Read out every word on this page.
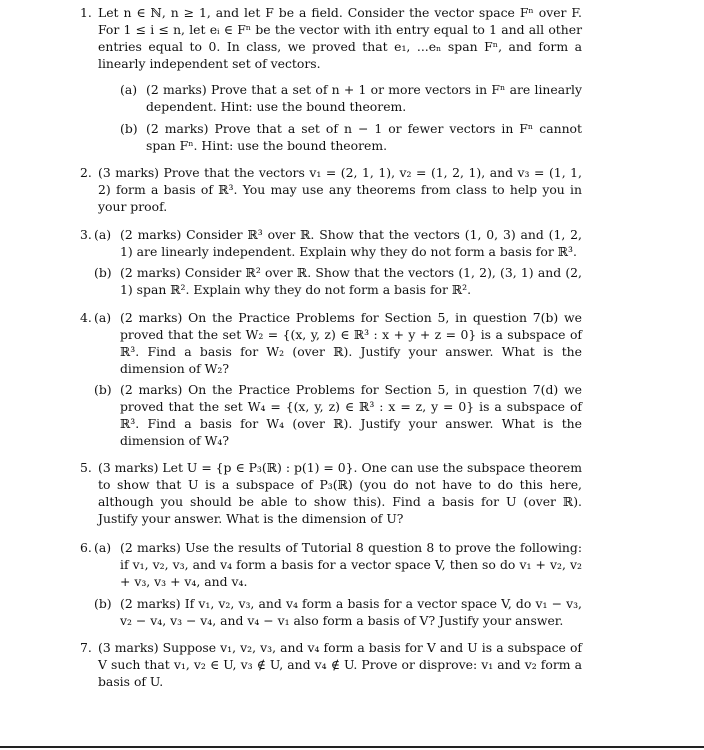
1. Let n ∈ ℕ, n ≥ 1, and let F be a field. Consider the vector space Fⁿ over F. For 1 ≤ i ≤ n, let eᵢ ∈ Fⁿ be the vector with ith entry equal to 1 and all other entries equal to 0. In class, we proved that e₁, ...eₙ span Fⁿ, and form a linearly independent set of vectors.

(a) (2 marks) Prove that a set of n + 1 or more vectors in Fⁿ are linearly dependent. Hint: use the bound theorem.

(b) (2 marks) Prove that a set of n − 1 or fewer vectors in Fⁿ cannot span Fⁿ. Hint: use the bound theorem.

2. (3 marks) Prove that the vectors v₁ = (2, 1, 1), v₂ = (1, 2, 1), and v₃ = (1, 1, 2) form a basis of ℝ³. You may use any theorems from class to help you in your proof.

3. (a) (2 marks) Consider ℝ³ over ℝ. Show that the vectors (1, 0, 3) and (1, 2, 1) are linearly independent. Explain why they do not form a basis for ℝ³.

(b) (2 marks) Consider ℝ² over ℝ. Show that the vectors (1, 2), (3, 1) and (2, 1) span ℝ². Explain why they do not form a basis for ℝ².

4. (a) (2 marks) On the Practice Problems for Section 5, in question 7(b) we proved that the set W₂ = {(x, y, z) ∈ ℝ³ : x + y + z = 0} is a subspace of ℝ³. Find a basis for W₂ (over ℝ). Justify your answer. What is the dimension of W₂?

(b) (2 marks) On the Practice Problems for Section 5, in question 7(d) we proved that the set W₄ = {(x, y, z) ∈ ℝ³ : x = z, y = 0} is a subspace of ℝ³. Find a basis for W₄ (over ℝ). Justify your answer. What is the dimension of W₄?

5. (3 marks) Let U = {p ∈ P₃(ℝ) : p(1) = 0}. One can use the subspace theorem to show that U is a subspace of P₃(ℝ) (you do not have to do this here, although you should be able to show this). Find a basis for U (over ℝ). Justify your answer. What is the dimension of U?

6. (a) (2 marks) Use the results of Tutorial 8 question 8 to prove the following: if v₁, v₂, v₃, and v₄ form a basis for a vector space V, then so do v₁ + v₂, v₂ + v₃, v₃ + v₄, and v₄.

(b) (2 marks) If v₁, v₂, v₃, and v₄ form a basis for a vector space V, do v₁ − v₃, v₂ − v₄, v₃ − v₄, and v₄ − v₁ also form a basis of V? Justify your answer.

7. (3 marks) Suppose v₁, v₂, v₃, and v₄ form a basis for V and U is a subspace of V such that v₁, v₂ ∈ U, v₃ ∉ U, and v₄ ∉ U. Prove or disprove: v₁ and v₂ form a basis of U.
